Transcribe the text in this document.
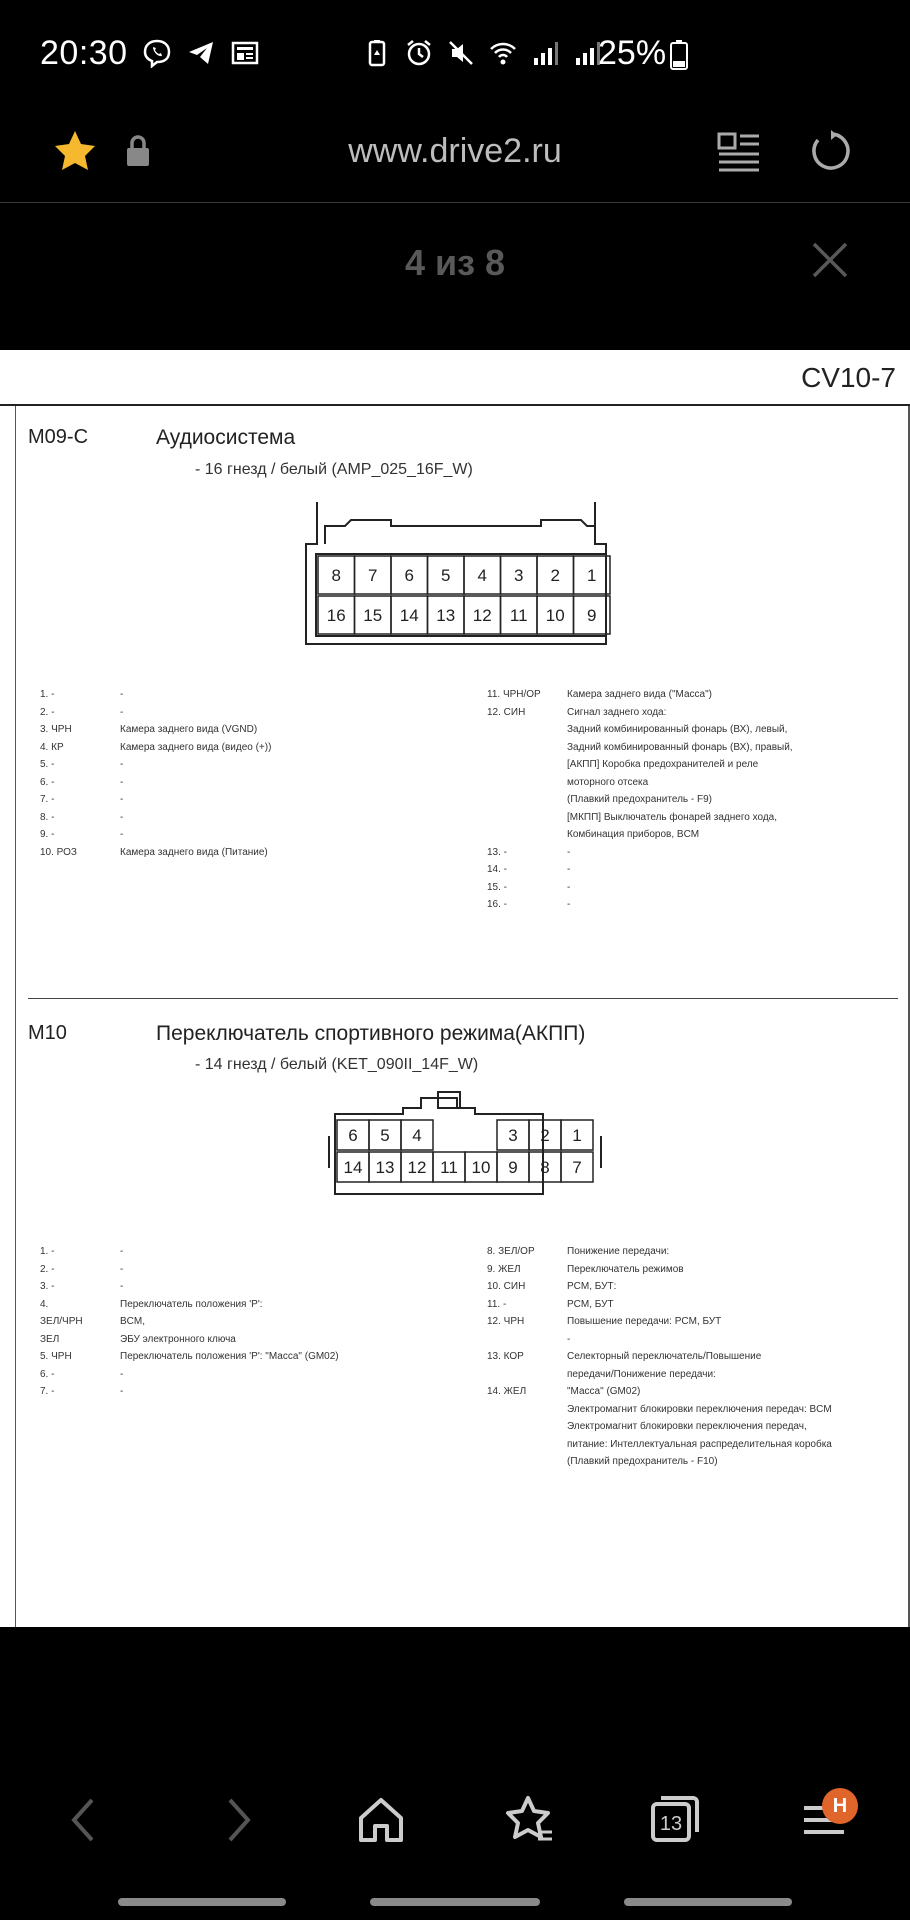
20:30	25%
www.drive2.ru
4 из 8
CV10-7
M09-C	Аудиосистема
- 16 гнезд / белый (AMP_025_16F_W)
8 7 6 5 4 3 2 1
16 15 14 13 12 11 10 9
1. -	-
2. -	-
3. ЧРН	Камера заднего вида (VGND)
4. КР	Камера заднего вида (видео (+))
5. -	-
6. -	-
7. -	-
8. -	-
9. -	-
10. РОЗ	Камера заднего вида (Питание)
11. ЧРН/ОР	Камера заднего вида ("Масса")
12. СИН	Сигнал заднего хода:
Задний комбинированный фонарь (ВХ), левый,
Задний комбинированный фонарь (ВХ), правый,
[АКПП] Коробка предохранителей и реле
моторного отсека
(Плавкий предохранитель - F9)
[МКПП] Выключатель фонарей заднего хода,
Комбинация приборов, BCM
13. -	-
14. -	-
15. -	-
16. -	-
M10	Переключатель спортивного режима(АКПП)
- 14 гнезд / белый (KET_090II_14F_W)
6 5 4	3 2 1
14 13 12 11 10 9 8 7
1. -	-
2. -	-
3. -	-
4.	Переключатель положения 'P':
ЗЕЛ/ЧРН	BCM,
ЗЕЛ	ЭБУ электронного ключа
5. ЧРН	Переключатель положения 'P': "Масса" (GM02)
6. -	-
7. -	-
8. ЗЕЛ/ОР	Понижение передачи:
9. ЖЕЛ	Переключатель режимов
10. СИН	PCM, БУТ:
11. -	PCM, БУТ
12. ЧРН	Повышение передачи: PCM, БУТ
-
13. КОР	Селекторный переключатель/Повышение
передачи/Понижение передачи:
14. ЖЕЛ	"Масса" (GM02)
Электромагнит блокировки переключения передач: BCM
Электромагнит блокировки переключения передач,
питание: Интеллектуальная распределительная коробка
(Плавкий предохранитель - F10)
13
H
